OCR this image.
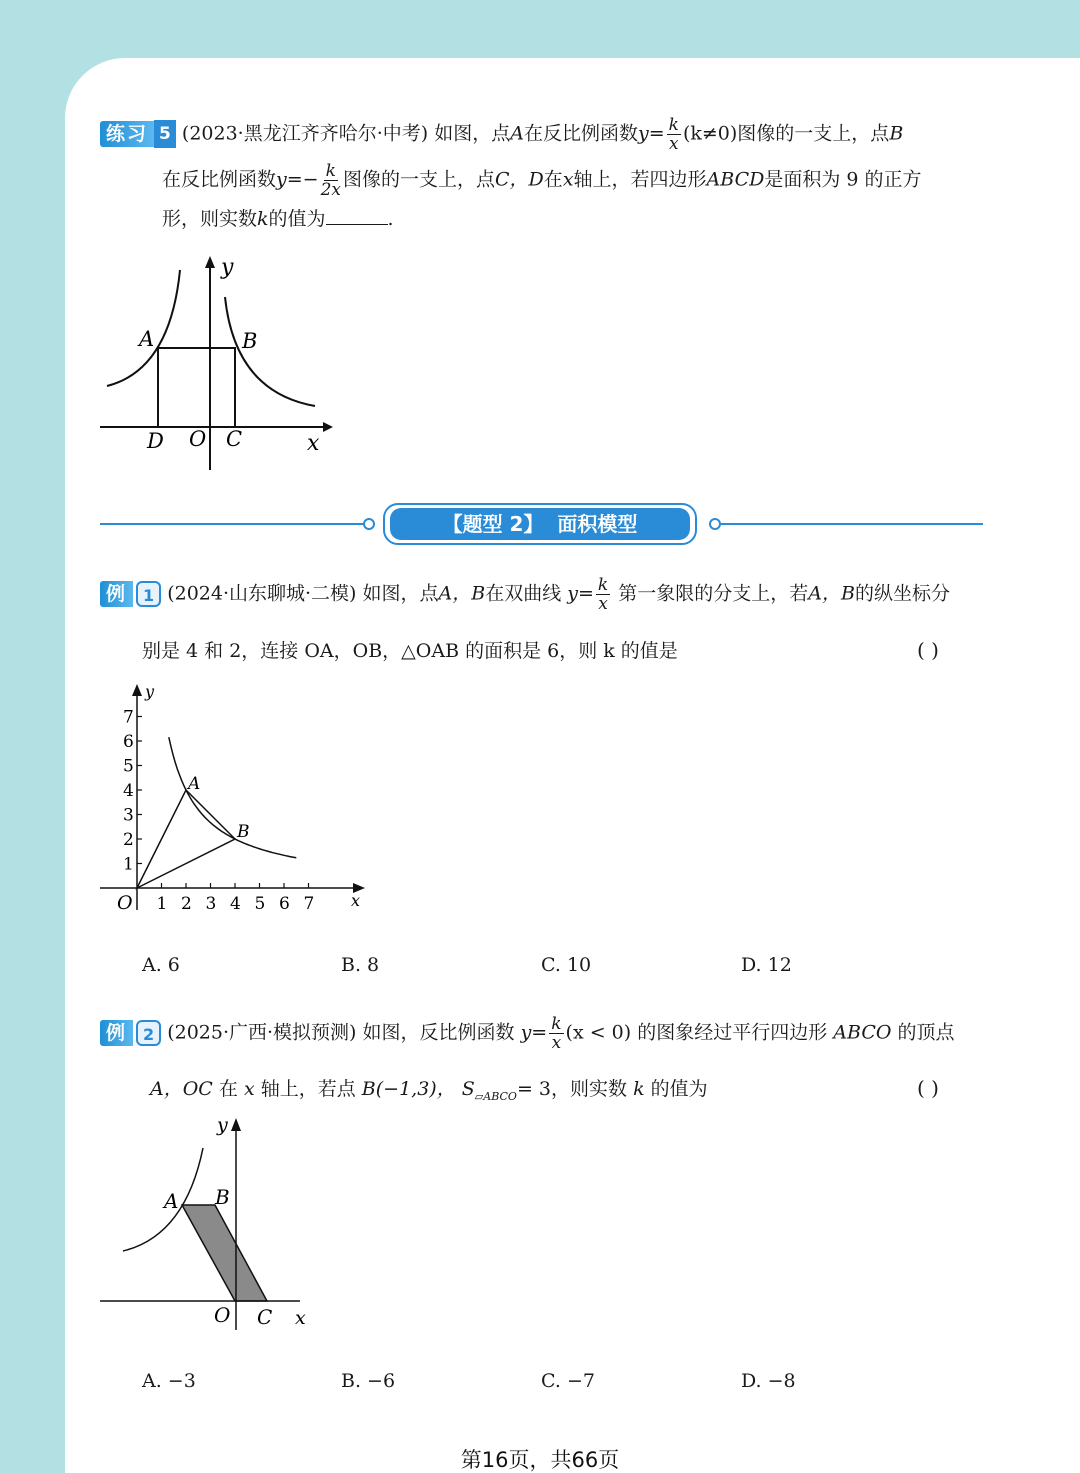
练习 5 (2023·黑龙江齐齐哈尔·中考) 如图，点A在反比例函数$y= \frac{k}{x} (k\ne 0)$图像的一支上，点B
在反比例函数$y=- \frac{k}{2x}$ 图像的一支上，点C，D在x轴上，若四边形ABCD是面积为 9 的正方
形，则实数k的值为	.
y
x
A	B
D O C
【题型 2】  面积模型
例	1 (2024·山东聊城·二模) 如图，点A，B在双曲线 $y= \frac{k}{x}$ 第一象限的分支上，若A，B的纵坐标分
别是 4 和 2，连接 OA，OB，△OAB 的面积是 6，则 k 的值是	( )
1
2
3
4
5
6
7
1 2 3 4 5 6 7
y
x
O
A
B
A. 6	B. 8	C. 10	D. 12
例	2 (2025·广西·模拟预测) 如图，反比例函数 $y= \frac{k}{x} (x < 0)$ 的图象经过平行四边形 ABCO 的顶点
A，OC 在 x 轴上，若点 B(−1,3)， $S_{▱ABCO}= 3$，则实数 k 的值为	( )
y
x
A B
O C
A. −3	B. −6	C. −7	D. −8
第16页，共66页
